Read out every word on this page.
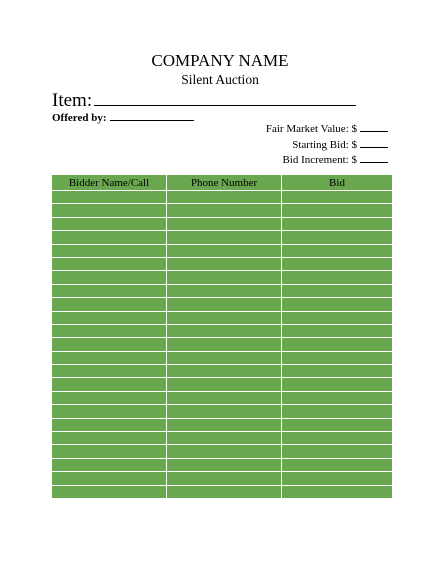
COMPANY NAME
Silent Auction
Item:
Offered by:
Fair Market Value: $
Starting Bid: $
Bid Increment: $
Bidder Name/Call	Phone Number	Bid
